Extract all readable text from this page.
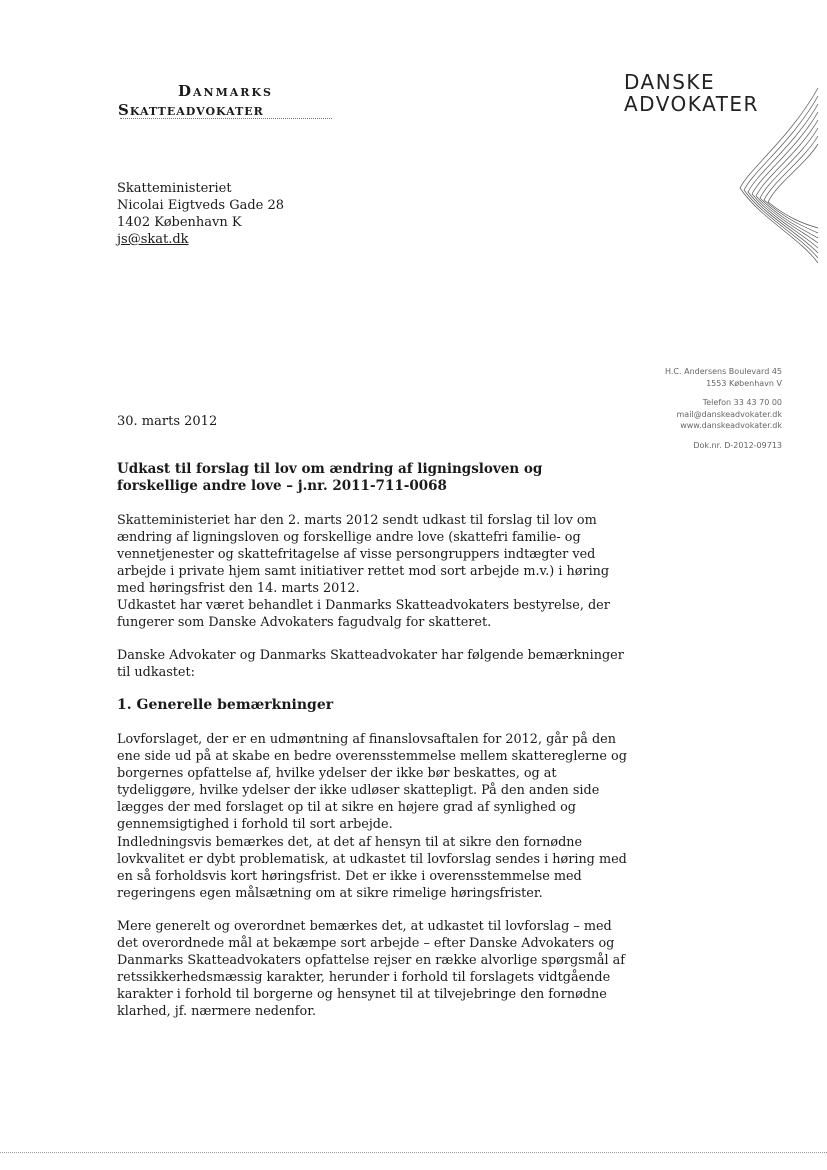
Danmarks
Skatteadvokater
DANSKE
ADVOKATER
Skatteministeriet
Nicolai Eigtveds Gade 28
1402 København K
js@skat.dk
H.C. Andersens Boulevard 45
1553 København V
Telefon 33 43 70 00
mail@danskeadvokater.dk
www.danskeadvokater.dk
Dok.nr. D-2012-09713
30. marts 2012
Udkast til forslag til lov om ændring af ligningsloven og forskellige andre love – j.nr. 2011-711-0068
Skatteministeriet har den 2. marts 2012 sendt udkast til forslag til lov om ændring af ligningsloven og forskellige andre love (skattefri familie- og vennetjenester og skattefritagelse af visse persongruppers indtægter ved arbejde i private hjem samt initiativer rettet mod sort arbejde m.v.) i høring med høringsfrist den 14. marts 2012.
Udkastet har været behandlet i Danmarks Skatteadvokaters bestyrelse, der fungerer som Danske Advokaters fagudvalg for skatteret.
Danske Advokater og Danmarks Skatteadvokater har følgende bemærkninger til udkastet:
1. Generelle bemærkninger
Lovforslaget, der er en udmøntning af finanslovsaftalen for 2012, går på den ene side ud på at skabe en bedre overensstemmelse mellem skattereglerne og borgernes opfattelse af, hvilke ydelser der ikke bør beskattes, og at tydeliggøre, hvilke ydelser der ikke udløser skattepligt. På den anden side lægges der med forslaget op til at sikre en højere grad af synlighed og gennemsigtighed i forhold til sort arbejde.
Indledningsvis bemærkes det, at det af hensyn til at sikre den fornødne lovkvalitet er dybt problematisk, at udkastet til lovforslag sendes i høring med en så forholdsvis kort høringsfrist. Det er ikke i overensstemmelse med regeringens egen målsætning om at sikre rimelige høringsfrister.
Mere generelt og overordnet bemærkes det, at udkastet til lovforslag – med det overordnede mål at bekæmpe sort arbejde – efter Danske Advokaters og Danmarks Skatteadvokaters opfattelse rejser en række alvorlige spørgsmål af retssikkerhedsmæssig karakter, herunder i forhold til forslagets vidtgående karakter i forhold til borgerne og hensynet til at tilvejebringe den fornødne klarhed, jf. nærmere nedenfor.
